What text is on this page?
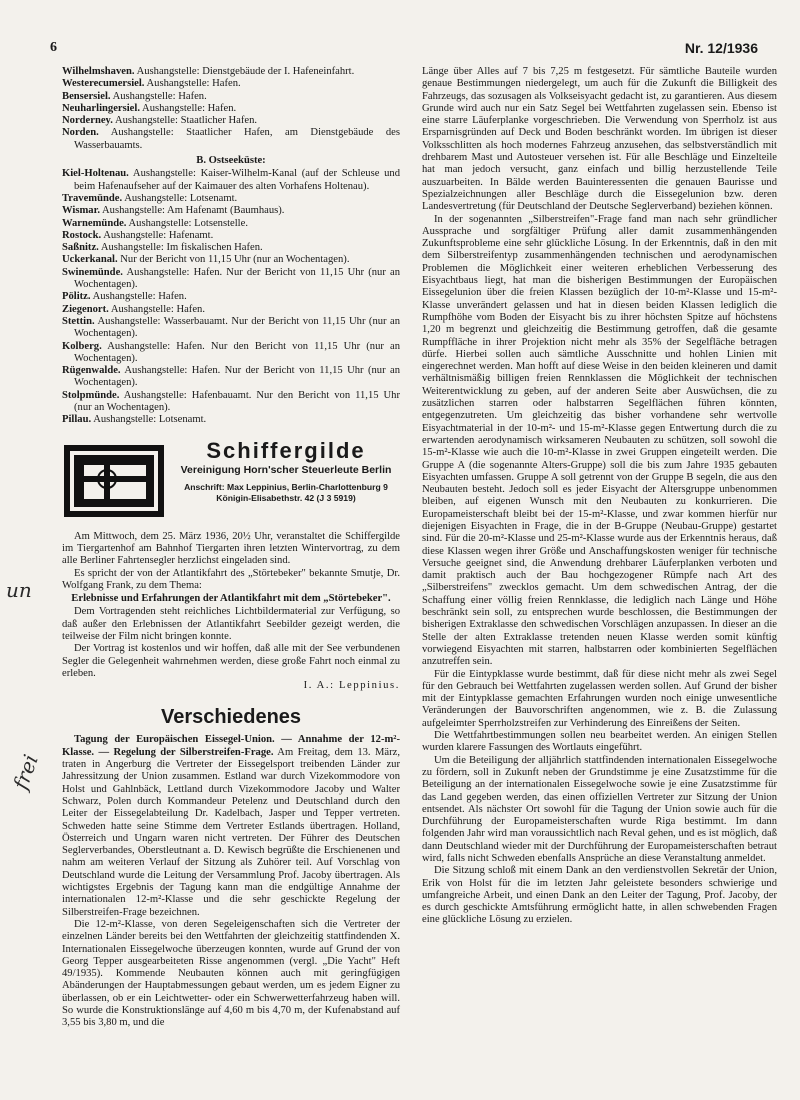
6	Nr. 12/1936
un
frei

Wilhelmshaven. Aushangstelle: Dienstgebäude der I. Hafeneinfahrt.

Westerecumersiel. Aushangstelle: Hafen.

Bensersiel. Aushangstelle: Hafen.

Neuharlingersiel. Aushangstelle: Hafen.

Norderney. Aushangstelle: Staatlicher Hafen.

Norden. Aushangstelle: Staatlicher Hafen, am Dienstgebäude des Wasserbauamts.

B. Ostseeküste:

Kiel-Holtenau. Aushangstelle: Kaiser-Wilhelm-Kanal (auf der Schleuse und beim Hafenaufseher auf der Kaimauer des alten Vorhafens Holtenau).

Travemünde. Aushangstelle: Lotsenamt.

Wismar. Aushangstelle: Am Hafenamt (Baumhaus).

Warnemünde. Aushangstelle: Lotsenstelle.

Rostock. Aushangstelle: Hafenamt.

Saßnitz. Aushangstelle: Im fiskalischen Hafen.

Uckerkanal. Nur der Bericht von 11,15 Uhr (nur an Wochentagen).

Swinemünde. Aushangstelle: Hafen. Nur der Bericht von 11,15 Uhr (nur an Wochentagen).

Pölitz. Aushangstelle: Hafen.

Ziegenort. Aushangstelle: Hafen.

Stettin. Aushangstelle: Wasserbauamt. Nur der Bericht von 11,15 Uhr (nur an Wochentagen).

Kolberg. Aushangstelle: Hafen. Nur den Bericht von 11,15 Uhr (nur an Wochentagen).

Rügenwalde. Aushangstelle: Hafen. Nur der Bericht von 11,15 Uhr (nur an Wochentagen).

Stolpmünde. Aushangstelle: Hafenbauamt. Nur den Bericht von 11,15 Uhr (nur an Wochentagen).

Pillau. Aushangstelle: Lotsenamt.

Schiffergilde
Vereinigung Horn'scher Steuerleute Berlin
Anschrift: Max Leppinius, Berlin-Charlottenburg 9
Königin-Elisabethstr. 42 (J 3 5919)

Am Mittwoch, dem 25. März 1936, 20½ Uhr, veranstaltet die Schiffergilde im Tiergartenhof am Bahnhof Tiergarten ihren letzten Wintervortrag, zu dem alle Berliner Fahrtensegler herzlichst eingeladen sind.

Es spricht der von der Atlantikfahrt des „Störtebeker" bekannte Smutje, Dr. Wolfgang Frank, zu dem Thema:

Erlebnisse und Erfahrungen der Atlantikfahrt mit dem „Störtebeker".

Dem Vortragenden steht reichliches Lichtbildermaterial zur Verfügung, so daß außer den Erlebnissen der Atlantikfahrt Seebilder gezeigt werden, die teilweise der Film nicht bringen konnte.

Der Vortrag ist kostenlos und wir hoffen, daß alle mit der See verbundenen Segler die Gelegenheit wahrnehmen werden, diese große Fahrt noch einmal zu erleben.

I. A.: Leppinius.

Verschiedenes

Tagung der Europäischen Eissegel-Union. — Annahme der 12-m²-Klasse. — Regelung der Silberstreifen-Frage. Am Freitag, dem 13. März, traten in Angerburg die Vertreter der Eissegelsport treibenden Länder zur Jahressitzung der Union zusammen. Estland war durch Vizekommodore von Holst und Gahlnbäck, Lettland durch Vizekommodore Jacoby und Walter Schwarz, Polen durch Kommandeur Petelenz und Deutschland durch den Leiter der Eissegelabteilung Dr. Kadelbach, Jasper und Tepper vertreten. Schweden hatte seine Stimme dem Vertreter Estlands übertragen. Holland, Österreich und Ungarn waren nicht vertreten. Der Führer des Deutschen Seglerverbandes, Oberstleutnant a. D. Kewisch begrüßte die Erschienenen und nahm am weiteren Verlauf der Sitzung als Zuhörer teil. Auf Vorschlag von Deutschland wurde die Leitung der Versammlung Prof. Jacoby übertragen. Als wichtigstes Ergebnis der Tagung kann man die endgültige Annahme der internationalen 12-m²-Klasse und die sehr geschickte Regelung der Silberstreifen-Frage bezeichnen.

Die 12-m²-Klasse, von deren Segeleigenschaften sich die Vertreter der einzelnen Länder bereits bei den Wettfahrten der gleichzeitig stattfindenden X. Internationalen Eissegelwoche überzeugen konnten, wurde auf Grund der von Georg Tepper ausgearbeiteten Risse angenommen (vergl. „Die Yacht" Heft 49/1935). Kommende Neubauten können auch mit geringfügigen Abänderungen der Hauptabmessungen gebaut werden, um es jedem Eigner zu überlassen, ob er ein Leichtwetter- oder ein Schwerwetterfahrzeug haben will. So wurde die Konstruktionslänge auf 4,60 m bis 4,70 m, der Kufenabstand auf 3,55 bis 3,80 m, und die

Länge über Alles auf 7 bis 7,25 m festgesetzt. Für sämtliche Bauteile wurden genaue Bestimmungen niedergelegt, um auch für die Zukunft die Billigkeit des Fahrzeugs, das sozusagen als Volkseisyacht gedacht ist, zu garantieren. Aus diesem Grunde wird auch nur ein Satz Segel bei Wettfahrten zugelassen sein. Ebenso ist eine starre Läuferplanke vorgeschrieben. Die Verwendung von Sperrholz ist aus Ersparnisgründen auf Deck und Boden beschränkt worden. Im übrigen ist dieser Volksschlitten als hoch modernes Fahrzeug anzusehen, das selbstverständlich mit drehbarem Mast und Autosteuer versehen ist. Für alle Beschläge und Einzelteile hat man jedoch versucht, ganz einfach und billig herzustellende Teile auszuarbeiten. In Bälde werden Bauinteressenten die genauen Baurisse und Spezialzeichnungen aller Beschläge durch die Eissegelunion bzw. deren Landesvertretung (für Deutschland der Deutsche Seglerverband) beziehen können.

In der sogenannten „Silberstreifen"-Frage fand man nach sehr gründlicher Aussprache und sorgfältiger Prüfung aller damit zusammenhängenden Zukunftsprobleme eine sehr glückliche Lösung. In der Erkenntnis, daß in den mit dem Silberstreifentyp zusammenhängenden technischen und aerodynamischen Problemen die Möglichkeit einer weiteren erheblichen Verbesserung des Eisyachtbaus liegt, hat man die bisherigen Bestimmungen der Europäischen Eissegelunion über die freien Klassen bezüglich der 10-m²-Klasse und 15-m²-Klasse unverändert gelassen und hat in diesen beiden Klassen lediglich die Rumpfhöhe vom Boden der Eisyacht bis zu ihrer höchsten Spitze auf höchstens 1,20 m begrenzt und gleichzeitig die Bestimmung getroffen, daß die gesamte Rumpffläche in ihrer Projektion nicht mehr als 35% der Segelfläche betragen dürfe. Hierbei sollen auch sämtliche Ausschnitte und hohlen Linien mit eingerechnet werden. Man hofft auf diese Weise in den beiden kleineren und damit verhältnismäßig billigen freien Rennklassen die Möglichkeit der technischen Weiterentwicklung zu geben, auf der anderen Seite aber Auswüchsen, die zu zusätzlichen starren oder halbstarren Segelflächen führen könnten, entgegenzutreten. Um gleichzeitig das bisher vorhandene sehr wertvolle Eisyachtmaterial in der 10-m²- und 15-m²-Klasse gegen Entwertung durch die zu erwartenden aerodynamisch wirksameren Neubauten zu schützen, soll sowohl die 15-m²-Klasse wie auch die 10-m²-Klasse in zwei Gruppen eingeteilt werden. Die Gruppe A (die sogenannte Alters-Gruppe) soll die bis zum Jahre 1935 gebauten Eisyachten umfassen. Gruppe A soll getrennt von der Gruppe B segeln, die aus den Neubauten besteht. Jedoch soll es jeder Eisyacht der Altersgruppe unbenommen bleiben, auf eigenen Wunsch mit den Neubauten zu konkurrieren. Die Europameisterschaft bleibt bei der 15-m²-Klasse, und zwar kommen hierfür nur diejenigen Eisyachten in Frage, die in der B-Gruppe (Neubau-Gruppe) gestartet sind. Für die 20-m²-Klasse und 25-m²-Klasse wurde aus der Erkenntnis heraus, daß diese Klassen wegen ihrer Größe und Anschaffungskosten weniger für technische Versuche geeignet sind, die Anwendung drehbarer Läuferplanken verboten und damit praktisch auch der Bau hochgezogener Rümpfe nach Art des „Silberstreifens" zwecklos gemacht. Um dem schwedischen Antrag, der die Schaffung einer völlig freien Rennklasse, die lediglich nach Länge und Höhe beschränkt sein soll, zu entsprechen wurde beschlossen, die Bestimmungen der bisherigen Extraklasse den schwedischen Vorschlägen anzupassen. In dieser an die Stelle der alten Extraklasse tretenden neuen Klasse werden somit künftig vorwiegend Eisyachten mit starren, halbstarren oder kombinierten Segelflächen anzutreffen sein.

Für die Eintypklasse wurde bestimmt, daß für diese nicht mehr als zwei Segel für den Gebrauch bei Wettfahrten zugelassen werden sollen. Auf Grund der bisher mit der Eintypklasse gemachten Erfahrungen wurden noch einige unwesentliche Veränderungen der Bauvorschriften angenommen, wie z. B. die Zulassung aufgeleimter Sperrholzstreifen zur Verhinderung des Einreißens der Seiten.

Die Wettfahrtbestimmungen sollen neu bearbeitet werden. An einigen Stellen wurden klarere Fassungen des Wortlauts eingeführt.

Um die Beteiligung der alljährlich stattfindenden internationalen Eissegelwoche zu fördern, soll in Zukunft neben der Grundstimme je eine Zusatzstimme für die Beteiligung an der internationalen Eissegelwoche sowie je eine Zusatzstimme für das Land gegeben werden, das einen offiziellen Vertreter zur Sitzung der Union entsendet. Als nächster Ort sowohl für die Tagung der Union sowie auch für die Durchführung der Europameisterschaften wurde Riga bestimmt. Im dann folgenden Jahr wird man voraussichtlich nach Reval gehen, und es ist möglich, daß dann Deutschland wieder mit der Durchführung der Europameisterschaften betraut wird, falls nicht Schweden ebenfalls Ansprüche an diese Veranstaltung anmeldet.

Die Sitzung schloß mit einem Dank an den verdienstvollen Sekretär der Union, Erik von Holst für die im letzten Jahr geleistete besonders schwierige und umfangreiche Arbeit, und einen Dank an den Leiter der Tagung, Prof. Jacoby, der es durch geschickte Amtsführung ermöglicht hatte, in allen schwebenden Fragen eine glückliche Lösung zu erzielen.
